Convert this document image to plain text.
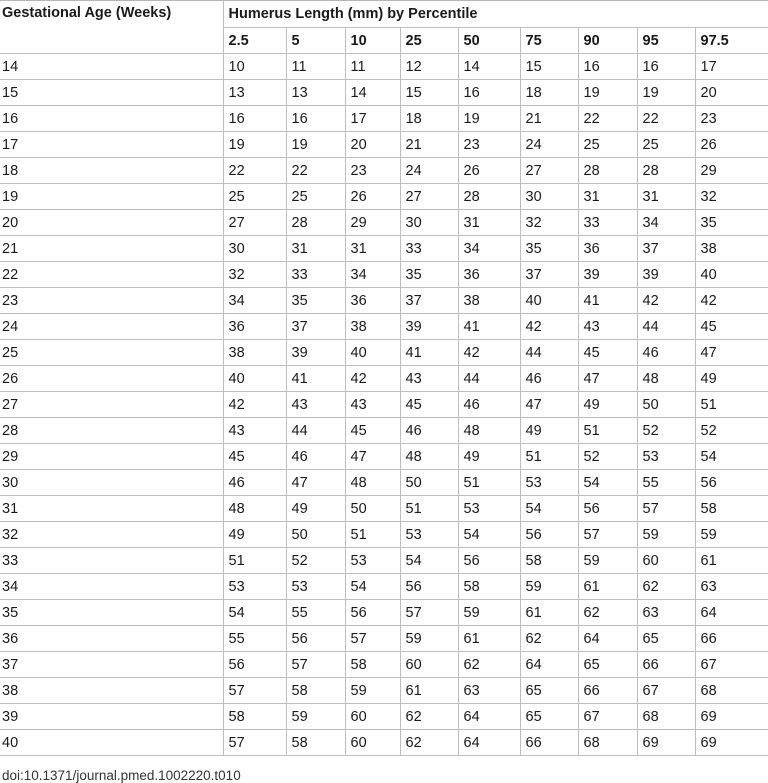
Gestational Age (Weeks)	Humerus Length (mm) by Percentile								
	2.5	5	10	25	50	75	90	95	97.5
14	10	11	11	12	14	15	16	16	17
15	13	13	14	15	16	18	19	19	20
16	16	16	17	18	19	21	22	22	23
17	19	19	20	21	23	24	25	25	26
18	22	22	23	24	26	27	28	28	29
19	25	25	26	27	28	30	31	31	32
20	27	28	29	30	31	32	33	34	35
21	30	31	31	33	34	35	36	37	38
22	32	33	34	35	36	37	39	39	40
23	34	35	36	37	38	40	41	42	42
24	36	37	38	39	41	42	43	44	45
25	38	39	40	41	42	44	45	46	47
26	40	41	42	43	44	46	47	48	49
27	42	43	43	45	46	47	49	50	51
28	43	44	45	46	48	49	51	52	52
29	45	46	47	48	49	51	52	53	54
30	46	47	48	50	51	53	54	55	56
31	48	49	50	51	53	54	56	57	58
32	49	50	51	53	54	56	57	59	59
33	51	52	53	54	56	58	59	60	61
34	53	53	54	56	58	59	61	62	63
35	54	55	56	57	59	61	62	63	64
36	55	56	57	59	61	62	64	65	66
37	56	57	58	60	62	64	65	66	67
38	57	58	59	61	63	65	66	67	68
39	58	59	60	62	64	65	67	68	69
40	57	58	60	62	64	66	68	69	69
doi:10.1371/journal.pmed.1002220.t010
